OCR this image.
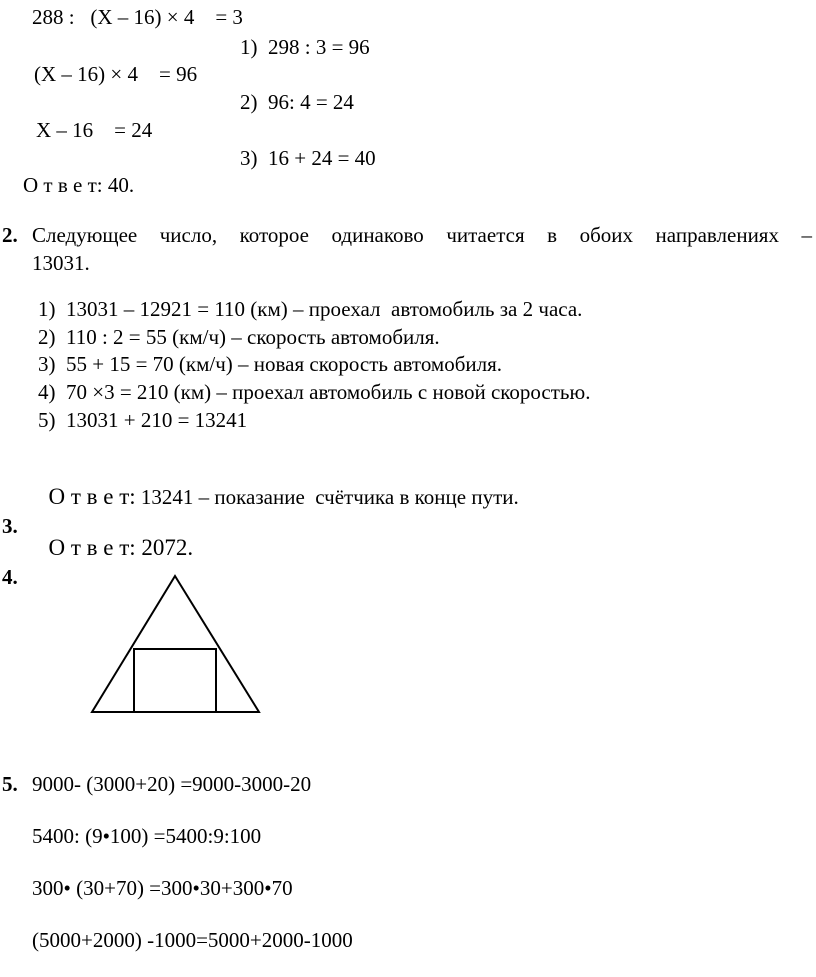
288 :   (Х – 16) × 4    = 3
1)  298 : 3 = 96
(Х – 16) × 4    = 96
2)  96: 4 = 24
Х – 16    = 24
3)  16 + 24 = 40
О т в е т: 40.
2. Следующее число, которое одинаково читается в обоих направлениях –
13031.
1)  13031 – 12921 = 110 (км) – проехал  автомобиль за 2 часа.
2)  110 : 2 = 55 (км/ч) – скорость автомобиля.
3)  55 + 15 = 70 (км/ч) – новая скорость автомобиля.
4)  70 ×3 = 210 (км) – проехал автомобиль с новой скоростью.
5)  13031 + 210 = 13241

О т в е т: 13241 – показание  счётчика в конце пути.

3.

О т в е т: 2072.

4.
5. 9000- (3000+20) =9000-3000-20
5400: (9•100) =5400:9:100
300• (30+70) =300•30+300•70
(5000+2000) -1000=5000+2000-1000
